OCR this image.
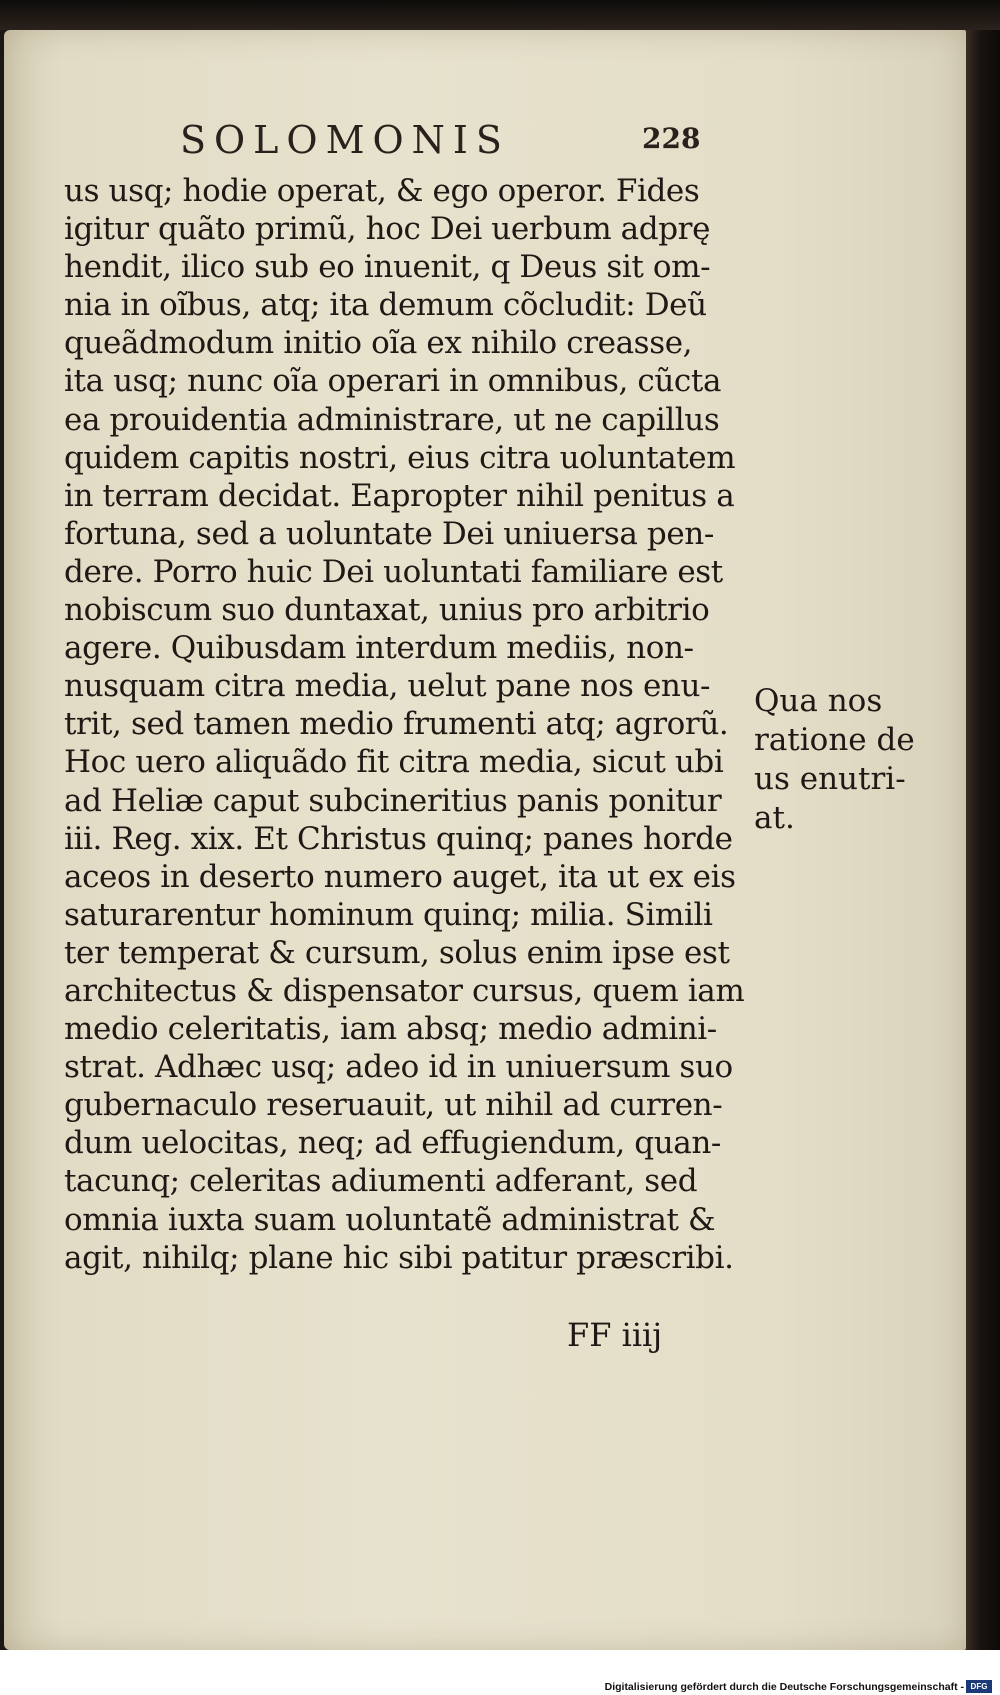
SOLOMONIS	228
us usq; hodie operat, & ego operor. Fides
igitur quãto primũ, hoc Dei uerbum adprę
hendit, ilico sub eo inuenit, q Deus sit om-
nia in oĩbus, atq; ita demum cõcludit: Deũ
queãdmodum initio oĩa ex nihilo creasse,
ita usq; nunc oĩa operari in omnibus, cũcta
ea prouidentia administrare, ut ne capillus
quidem capitis nostri, eius citra uoluntatem
in terram decidat. Eapropter nihil penitus a
fortuna, sed a uoluntate Dei uniuersa pen-
dere. Porro huic Dei uoluntati familiare est
nobiscum suo duntaxat, unius pro arbitrio
agere. Quibusdam interdum mediis, non-
nusquam citra media, uelut pane nos enu-
trit, sed tamen medio frumenti atq; agrorũ.
Hoc uero aliquãdo fit citra media, sicut ubi
ad Heliæ caput subcineritius panis ponitur
iii. Reg. xix. Et Christus quinq; panes horde
aceos in deserto numero auget, ita ut ex eis
saturarentur hominum quinq; milia. Simili
ter temperat & cursum, solus enim ipse est
architectus & dispensator cursus, quem iam
medio celeritatis, iam absq; medio admini-
strat. Adhæc usq; adeo id in uniuersum suo
gubernaculo reseruauit, ut nihil ad curren-
dum uelocitas, neq; ad effugiendum, quan-
tacunq; celeritas adiumenti adferant, sed
omnia iuxta suam uoluntatẽ administrat &
agit, nihilq; plane hic sibi patitur præscribi.
Qua nos
ratione de
us enutri-
at.
FF iiij
Digitalisierung gefördert durch die Deutsche Forschungsgemeinschaft - DFG
